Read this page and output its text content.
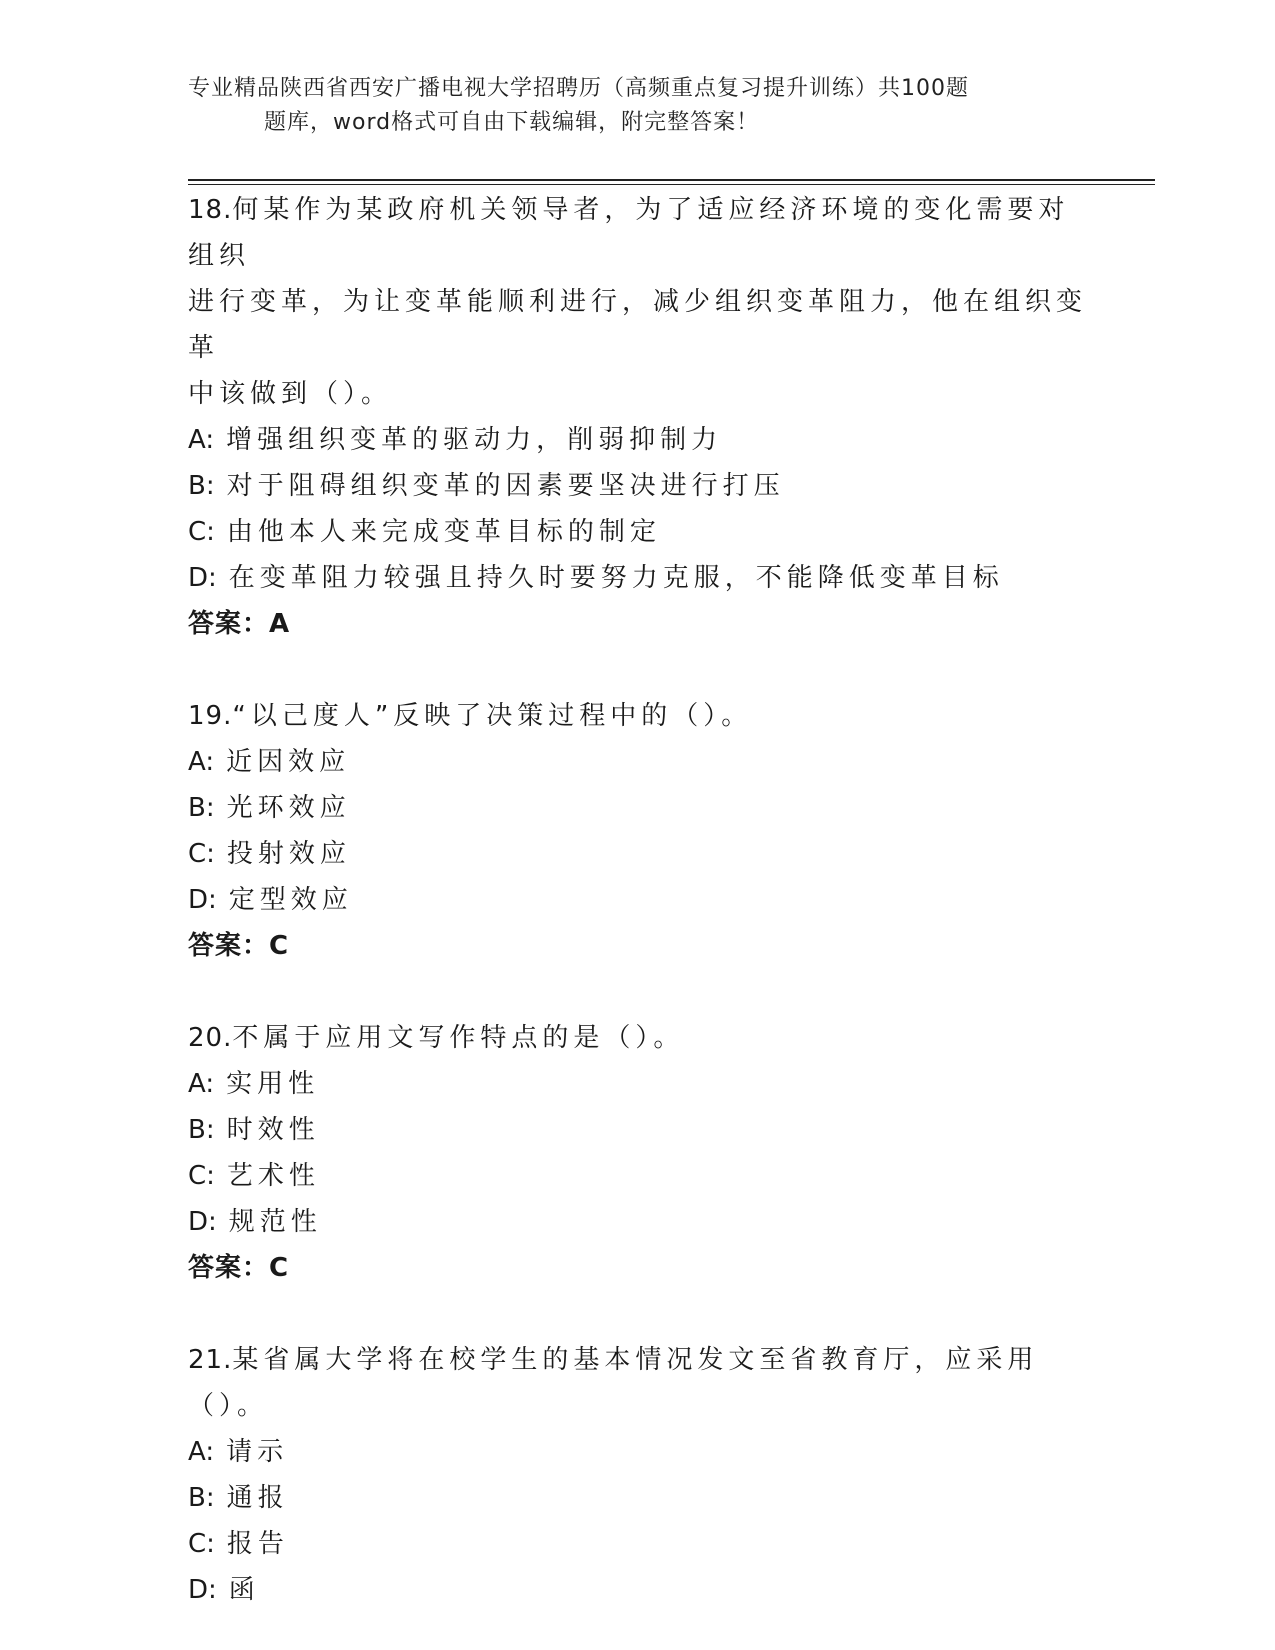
专业精品陕西省西安广播电视大学招聘历（高频重点复习提升训练）共100题
题库，word格式可自由下载编辑，附完整答案！
18.何某作为某政府机关领导者，为了适应经济环境的变化需要对组织
进行变革，为让变革能顺利进行，减少组织变革阻力，他在组织变革
中该做到（）。
A: 增强组织变革的驱动力，削弱抑制力
B: 对于阻碍组织变革的因素要坚决进行打压
C: 由他本人来完成变革目标的制定
D: 在变革阻力较强且持久时要努力克服，不能降低变革目标
答案：A
19.“以己度人”反映了决策过程中的（）。
A: 近因效应
B: 光环效应
C: 投射效应
D: 定型效应
答案：C
20.不属于应用文写作特点的是（）。
A: 实用性
B: 时效性
C: 艺术性
D: 规范性
答案：C
21.某省属大学将在校学生的基本情况发文至省教育厅，应采用（）。
A: 请示
B: 通报
C: 报告
D: 函
